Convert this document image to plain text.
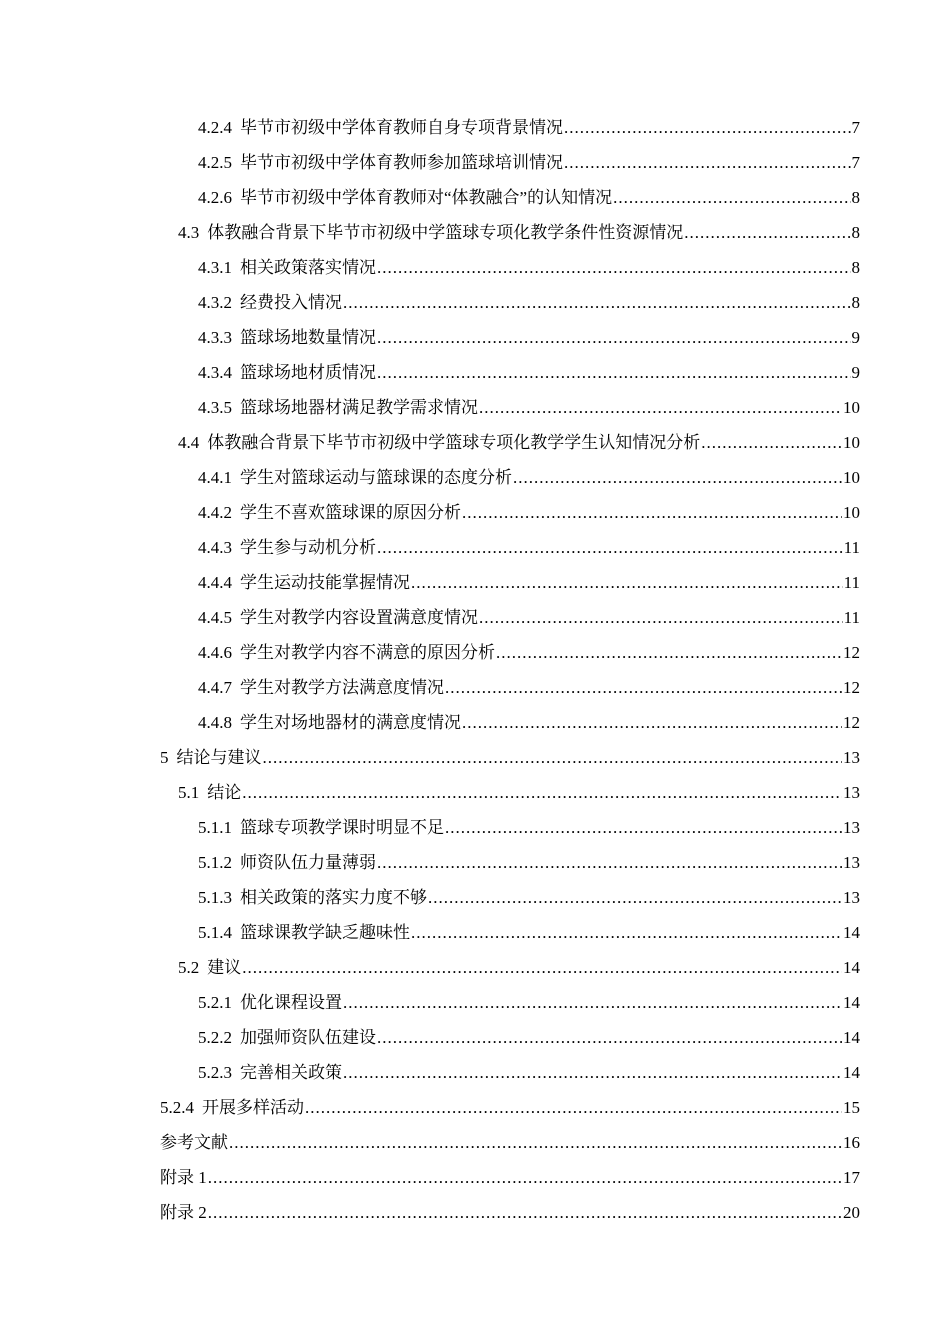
4.2.4 毕节市初级中学体育教师自身专项背景情况 .....	7
4.2.5 毕节市初级中学体育教师参加篮球培训情况 .....	7
4.2.6 毕节市初级中学体育教师对“体教融合”的认知情况 .....	8
4.3 体教融合背景下毕节市初级中学篮球专项化教学条件性资源情况 .....	8
4.3.1 相关政策落实情况 .....	8
4.3.2 经费投入情况 .....	8
4.3.3 篮球场地数量情况 .....	9
4.3.4 篮球场地材质情况 .....	9
4.3.5 篮球场地器材满足教学需求情况 .....	10
4.4 体教融合背景下毕节市初级中学篮球专项化教学学生认知情况分析 .....	10
4.4.1 学生对篮球运动与篮球课的态度分析 .....	10
4.4.2 学生不喜欢篮球课的原因分析 .....	10
4.4.3 学生参与动机分析 .....	11
4.4.4 学生运动技能掌握情况 .....	11
4.4.5 学生对教学内容设置满意度情况 .....	11
4.4.6 学生对教学内容不满意的原因分析 .....	12
4.4.7 学生对教学方法满意度情况 .....	12
4.4.8 学生对场地器材的满意度情况 .....	12
5 结论与建议 .....	13
5.1 结论 .....	13
5.1.1 篮球专项教学课时明显不足 .....	13
5.1.2 师资队伍力量薄弱 .....	13
5.1.3 相关政策的落实力度不够 .....	13
5.1.4 篮球课教学缺乏趣味性 .....	14
5.2 建议 .....	14
5.2.1 优化课程设置 .....	14
5.2.2 加强师资队伍建设 .....	14
5.2.3 完善相关政策 .....	14
5.2.4 开展多样活动 .....	15
参考文献 .....	16
附录 1 .....	17
附录 2 .....	20
